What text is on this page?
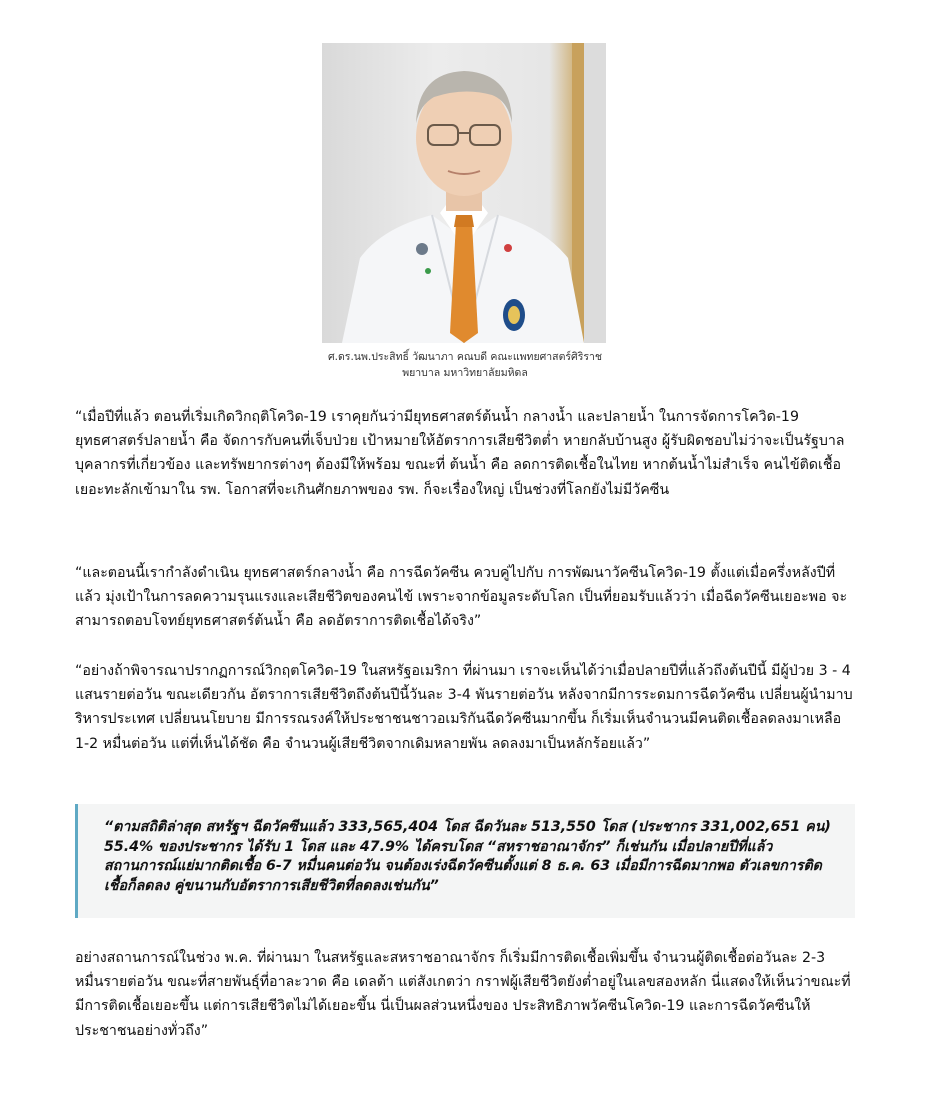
ศ.ดร.นพ.ประสิทธิ์ วัฒนาภา คณบดี คณะแพทยศาสตร์ศิริราช
พยาบาล มหาวิทยาลัยมหิดล

“เมื่อปีที่แล้ว ตอนที่เริ่มเกิดวิกฤติโควิด-19 เราคุยกันว่ามียุทธศาสตร์ต้นน้ำ กลางน้ำ และปลายน้ำ ในการจัดการโควิด-19 ยุทธศาสตร์ปลายน้ำ คือ จัดการกับคนที่เจ็บป่วย เป้าหมายให้อัตราการเสียชีวิตต่ำ หายกลับบ้านสูง ผู้รับผิดชอบไม่ว่าจะเป็นรัฐบาล บุคลากรที่เกี่ยวข้อง และทรัพยากรต่างๆ ต้องมีให้พร้อม ขณะที่ ต้นน้ำ คือ ลดการติดเชื้อในไทย หากต้นน้ำไม่สำเร็จ คนไข้ติดเชื้อเยอะทะลักเข้ามาใน รพ. โอกาสที่จะเกินศักยภาพของ รพ. ก็จะเรื่องใหญ่ เป็นช่วงที่โลกยังไม่มีวัคซีน

“และตอนนี้เรากำลังดำเนิน ยุทธศาสตร์กลางน้ำ คือ การฉีดวัคซีน ควบคู่ไปกับ การพัฒนาวัคซีนโควิด-19 ตั้งแต่เมื่อครึ่งหลังปีที่แล้ว มุ่งเป้าในการลดความรุนแรงและเสียชีวิตของคนไข้ เพราะจากข้อมูลระดับโลก เป็นที่ยอมรับแล้วว่า เมื่อฉีดวัคซีนเยอะพอ จะสามารถตอบโจทย์ยุทธศาสตร์ต้นน้ำ คือ ลดอัตราการติดเชื้อได้จริง”

“อย่างถ้าพิจารณาปรากฏการณ์วิกฤตโควิด-19 ในสหรัฐอเมริกา ที่ผ่านมา เราจะเห็นได้ว่าเมื่อปลายปีที่แล้วถึงต้นปีนี้ มีผู้ป่วย 3 - 4 แสนรายต่อวัน ขณะเดียวกัน อัตราการเสียชีวิตถึงต้นปีนี้วันละ 3-4 พันรายต่อวัน หลังจากมีการระดมการฉีดวัคซีน เปลี่ยนผู้นำมาบริหารประเทศ เปลี่ยนนโยบาย มีการรณรงค์ให้ประชาชนชาวอเมริกันฉีดวัคซีนมากขึ้น ก็เริ่มเห็นจำนวนมีคนติดเชื้อลดลงมาเหลือ 1-2 หมื่นต่อวัน แต่ที่เห็นได้ชัด คือ จำนวนผู้เสียชีวิตจากเดิมหลายพัน ลดลงมาเป็นหลักร้อยแล้ว”

“ตามสถิติล่าสุด สหรัฐฯ ฉีดวัคซีนแล้ว 333,565,404 โดส ฉีดวันละ 513,550 โดส (ประชากร 331,002,651 คน) 55.4% ของประชากร ได้รับ 1 โดส และ 47.9% ได้ครบโดส “สหราชอาณาจักร” ก็เช่นกัน เมื่อปลายปีที่แล้วสถานการณ์แย่มากติดเชื้อ 6-7 หมื่นคนต่อวัน จนต้องเร่งฉีดวัคซีนตั้งแต่ 8 ธ.ค. 63 เมื่อมีการฉีดมากพอ ตัวเลขการติดเชื้อก็ลดลง คู่ขนานกับอัตราการเสียชีวิตที่ลดลงเช่นกัน”

อย่างสถานการณ์ในช่วง พ.ค. ที่ผ่านมา ในสหรัฐและสหราชอาณาจักร ก็เริ่มมีการติดเชื้อเพิ่มขึ้น จำนวนผู้ติดเชื้อต่อวันละ 2-3 หมื่นรายต่อวัน ขณะที่สายพันธุ์ที่อาละวาด คือ เดลต้า แต่สังเกตว่า กราฟผู้เสียชีวิตยังต่ำอยู่ในเลขสองหลัก นี่แสดงให้เห็นว่าขณะที่มีการติดเชื้อเยอะขึ้น แต่การเสียชีวิตไม่ได้เยอะขึ้น นี่เป็นผลส่วนหนึ่งของ ประสิทธิภาพวัคซีนโควิด-19 และการฉีดวัคซีนให้ประชาชนอย่างทั่วถึง”
